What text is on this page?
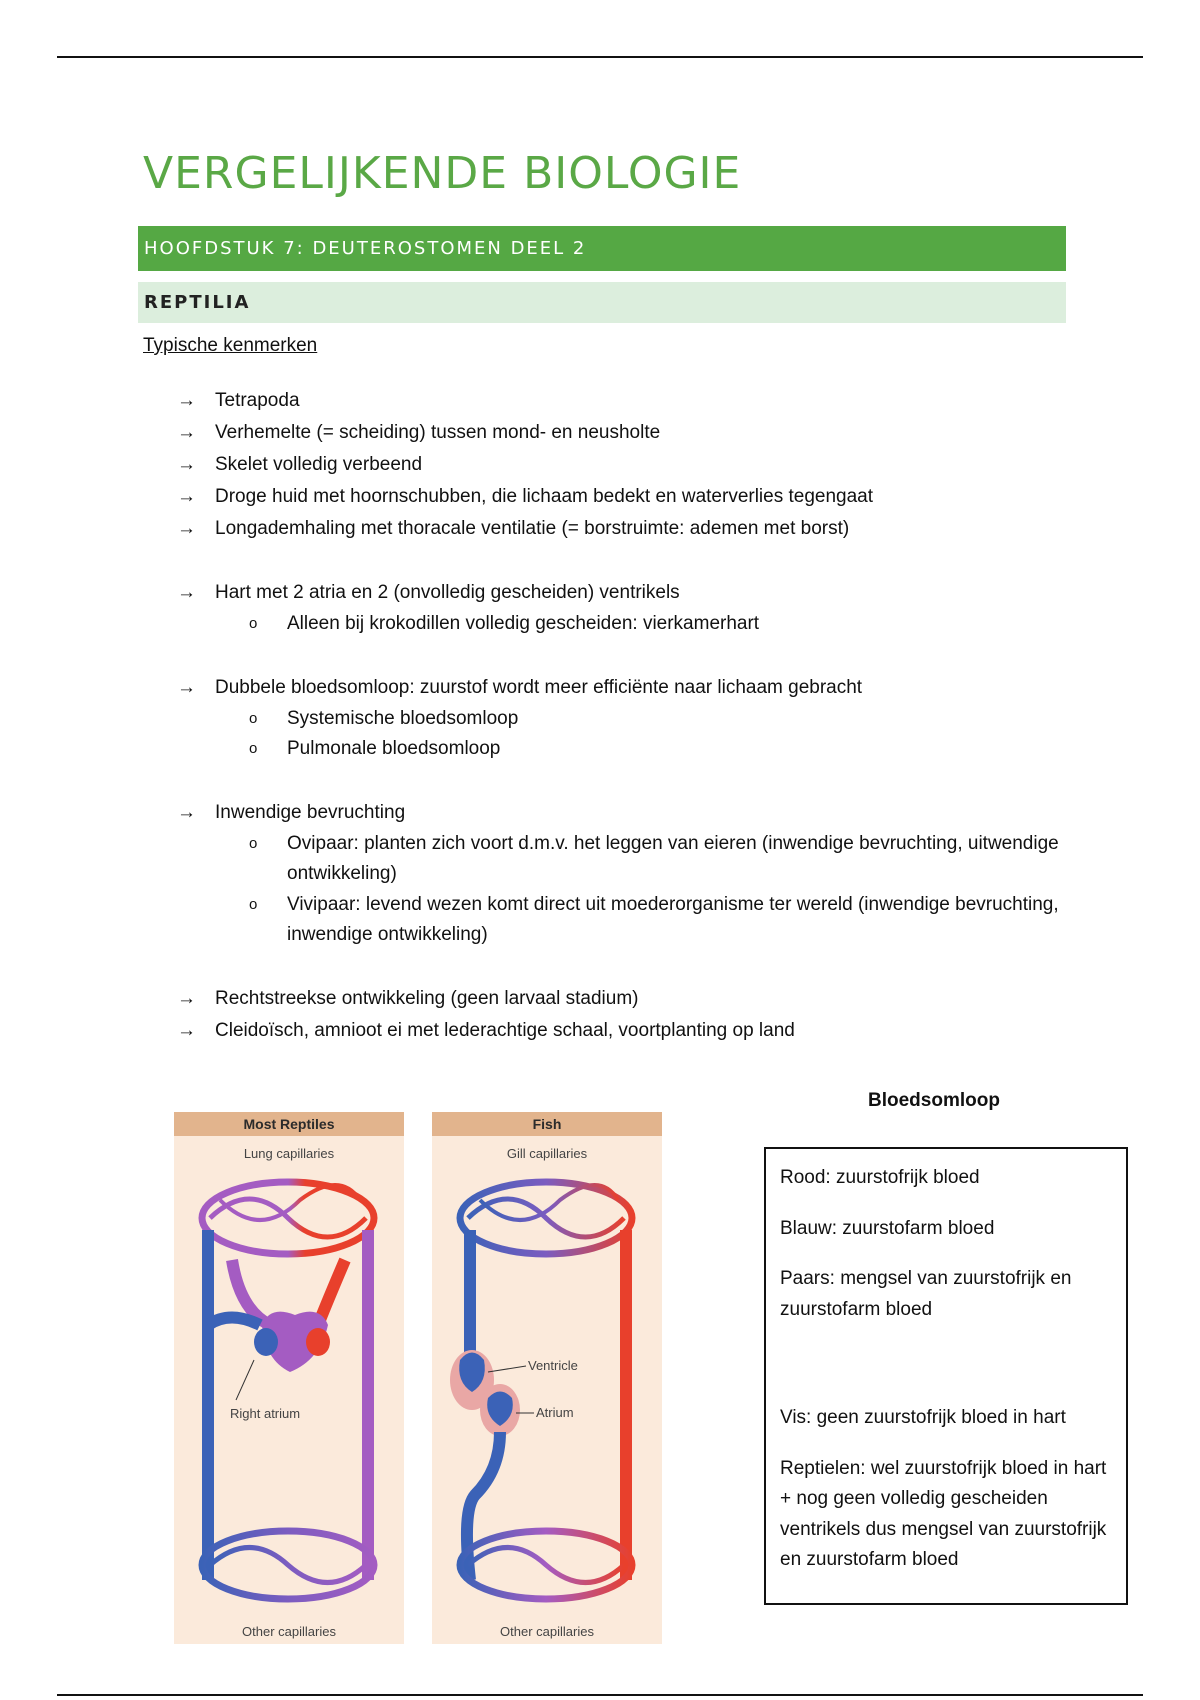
VERGELIJKENDE BIOLOGIE
HOOFDSTUK 7: DEUTEROSTOMEN DEEL 2
REPTILIA
Typische kenmerken
→	Tetrapoda
→	Verhemelte (= scheiding) tussen mond- en neusholte
→	Skelet volledig verbeend
→	Droge huid met hoornschubben, die lichaam bedekt en waterverlies tegengaat
→	Longademhaling met thoracale ventilatie (= borstruimte: ademen met borst)
→	Hart met 2 atria en 2 (onvolledig gescheiden) ventrikels
o	Alleen bij krokodillen volledig gescheiden: vierkamerhart
→	Dubbele bloedsomloop: zuurstof wordt meer efficiënte naar lichaam gebracht
o	Systemische bloedsomloop
o	Pulmonale bloedsomloop
→	Inwendige bevruchting
o	Ovipaar: planten zich voort d.m.v. het leggen van eieren (inwendige bevruchting, uitwendige ontwikkeling)
o	Vivipaar: levend wezen komt direct uit moederorganisme ter wereld (inwendige bevruchting, inwendige ontwikkeling)
→	Rechtstreekse ontwikkeling (geen larvaal stadium)
→	Cleidoïsch, amnioot ei met lederachtige schaal, voortplanting op land
Most Reptiles
Lung capillaries
Right atrium
Other capillaries
Fish
Gill capillaries
Ventricle
Atrium
Other capillaries
Bloedsomloop

Rood: zuurstofrijk bloed

Blauw: zuurstofarm bloed

Paars: mengsel van zuurstofrijk en zuurstofarm bloed

Vis: geen zuurstofrijk bloed in hart

Reptielen: wel zuurstofrijk bloed in hart + nog geen volledig gescheiden ventrikels dus mengsel van zuurstofrijk en zuurstofarm bloed
